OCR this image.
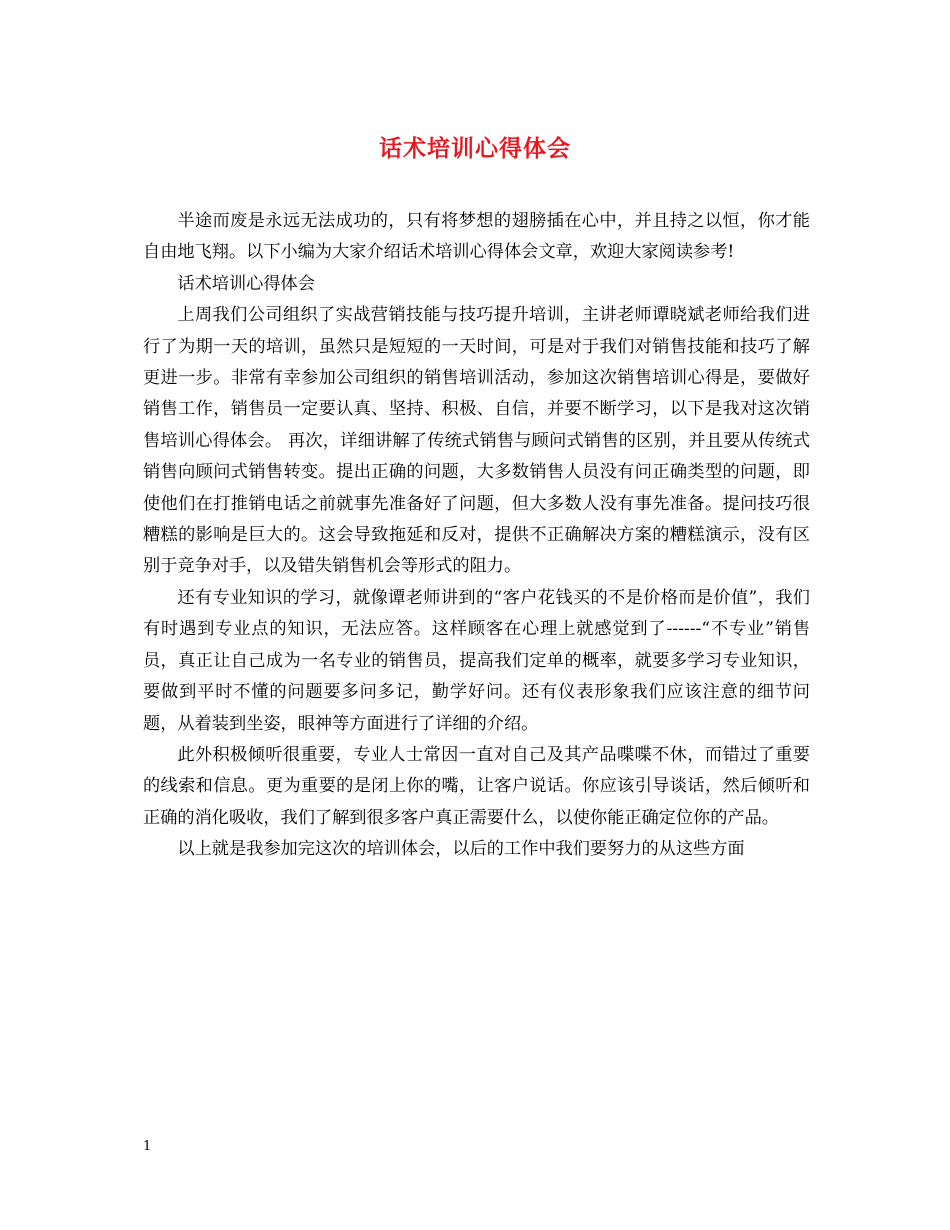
话术培训心得体会

半途而废是永远无法成功的，只有将梦想的翅膀插在心中，并且持之以恒，你才能自由地飞翔。以下小编为大家介绍话术培训心得体会文章，欢迎大家阅读参考!

话术培训心得体会

上周我们公司组织了实战营销技能与技巧提升培训，主讲老师谭晓斌老师给我们进行了为期一天的培训，虽然只是短短的一天时间，可是对于我们对销售技能和技巧了解更进一步。非常有幸参加公司组织的销售培训活动，参加这次销售培训心得是，要做好销售工作，销售员一定要认真、坚持、积极、自信，并要不断学习，以下是我对这次销售培训心得体会。 再次，详细讲解了传统式销售与顾问式销售的区别，并且要从传统式销售向顾问式销售转变。提出正确的问题，大多数销售人员没有问正确类型的问题，即使他们在打推销电话之前就事先准备好了问题，但大多数人没有事先准备。提问技巧很糟糕的影响是巨大的。这会导致拖延和反对，提供不正确解决方案的糟糕演示，没有区别于竞争对手，以及错失销售机会等形式的阻力。

还有专业知识的学习，就像谭老师讲到的“客户花钱买的不是价格而是价值”，我们有时遇到专业点的知识，无法应答。这样顾客在心理上就感觉到了------“不专业”销售员，真正让自己成为一名专业的销售员，提高我们定单的概率，就要多学习专业知识，要做到平时不懂的问题要多问多记，勤学好问。还有仪表形象我们应该注意的细节问题，从着装到坐姿，眼神等方面进行了详细的介绍。

此外积极倾听很重要，专业人士常因一直对自己及其产品喋喋不休，而错过了重要的线索和信息。更为重要的是闭上你的嘴，让客户说话。你应该引导谈话，然后倾听和正确的消化吸收，我们了解到很多客户真正需要什么，以使你能正确定位你的产品。

以上就是我参加完这次的培训体会，以后的工作中我们要努力的从这些方面

1
